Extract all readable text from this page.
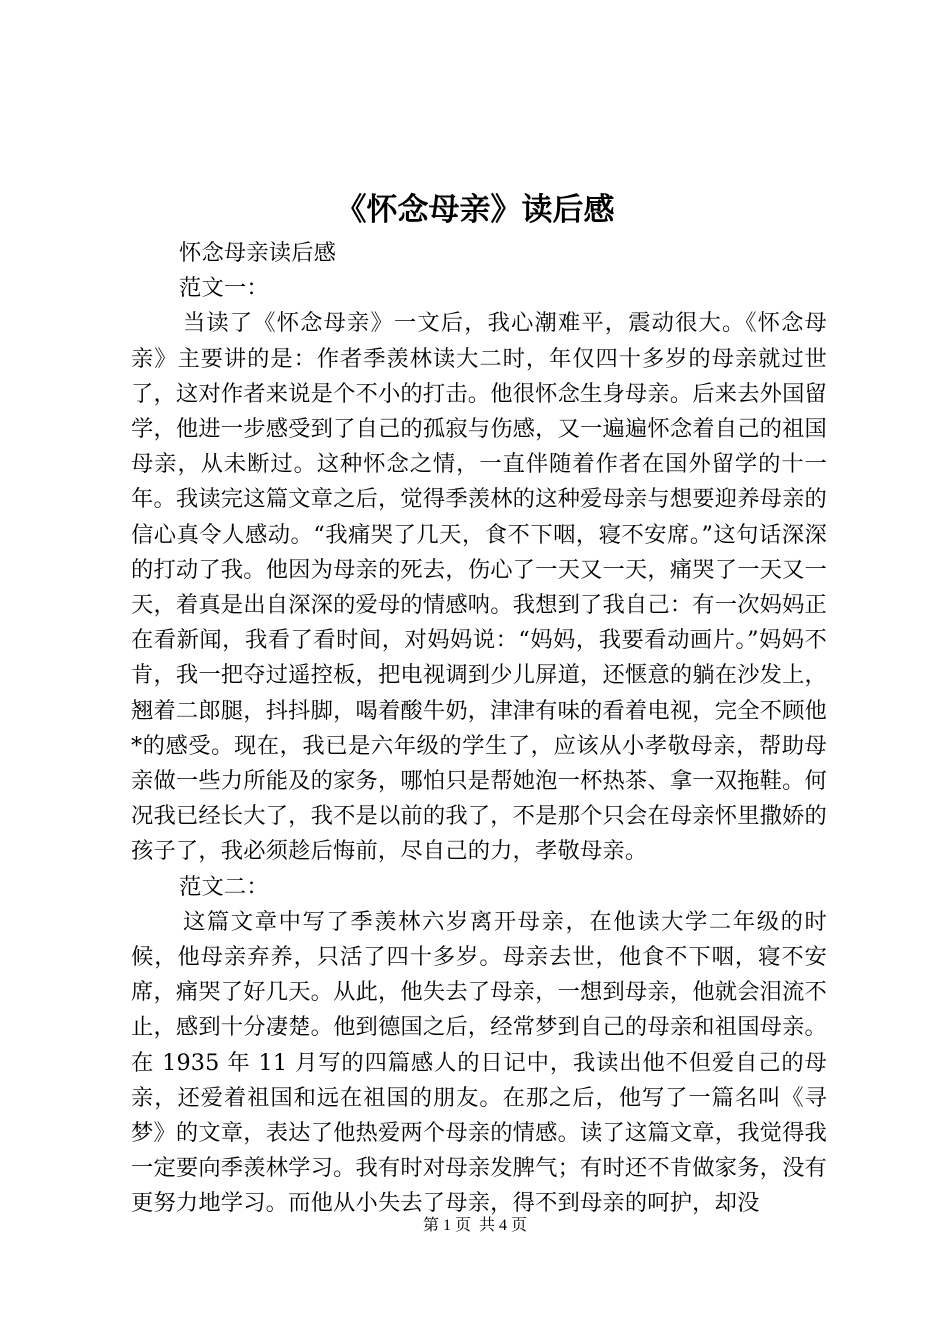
《怀念母亲》读后感

怀念母亲读后感

范文一：

当读了《怀念母亲》一文后，我心潮难平，震动很大。《怀念母亲》主要讲的是：作者季羡林读大二时，年仅四十多岁的母亲就过世了，这对作者来说是个不小的打击。他很怀念生身母亲。后来去外国留学，他进一步感受到了自己的孤寂与伤感，又一遍遍怀念着自己的祖国母亲，从未断过。这种怀念之情，一直伴随着作者在国外留学的十一年。我读完这篇文章之后，觉得季羡林的这种爱母亲与想要迎养母亲的信心真令人感动。“我痛哭了几天，食不下咽，寝不安席。”这句话深深的打动了我。他因为母亲的死去，伤心了一天又一天，痛哭了一天又一天，着真是出自深深的爱母的情感呐。我想到了我自己：有一次妈妈正在看新闻，我看了看时间，对妈妈说：“妈妈，我要看动画片。”妈妈不肯，我一把夺过遥控板，把电视调到少儿屏道，还惬意的躺在沙发上，翘着二郎腿，抖抖脚，喝着酸牛奶，津津有味的看着电视，完全不顾他*的感受。现在，我已是六年级的学生了，应该从小孝敬母亲，帮助母亲做一些力所能及的家务，哪怕只是帮她泡一杯热茶、拿一双拖鞋。何况我已经长大了，我不是以前的我了，不是那个只会在母亲怀里撒娇的孩子了，我必须趁后悔前，尽自己的力，孝敬母亲。

范文二：

这篇文章中写了季羡林六岁离开母亲，在他读大学二年级的时候，他母亲弃养，只活了四十多岁。母亲去世，他食不下咽，寝不安席，痛哭了好几天。从此，他失去了母亲，一想到母亲，他就会泪流不止，感到十分凄楚。他到德国之后，经常梦到自己的母亲和祖国母亲。在 1935 年 11 月写的四篇感人的日记中，我读出他不但爱自己的母亲，还爱着祖国和远在祖国的朋友。在那之后，他写了一篇名叫《寻梦》的文章，表达了他热爱两个母亲的情感。读了这篇文章，我觉得我一定要向季羡林学习。我有时对母亲发脾气；有时还不肯做家务，没有更努力地学习。而他从小失去了母亲，得不到母亲的呵护，却没

第 1 页  共 4 页
